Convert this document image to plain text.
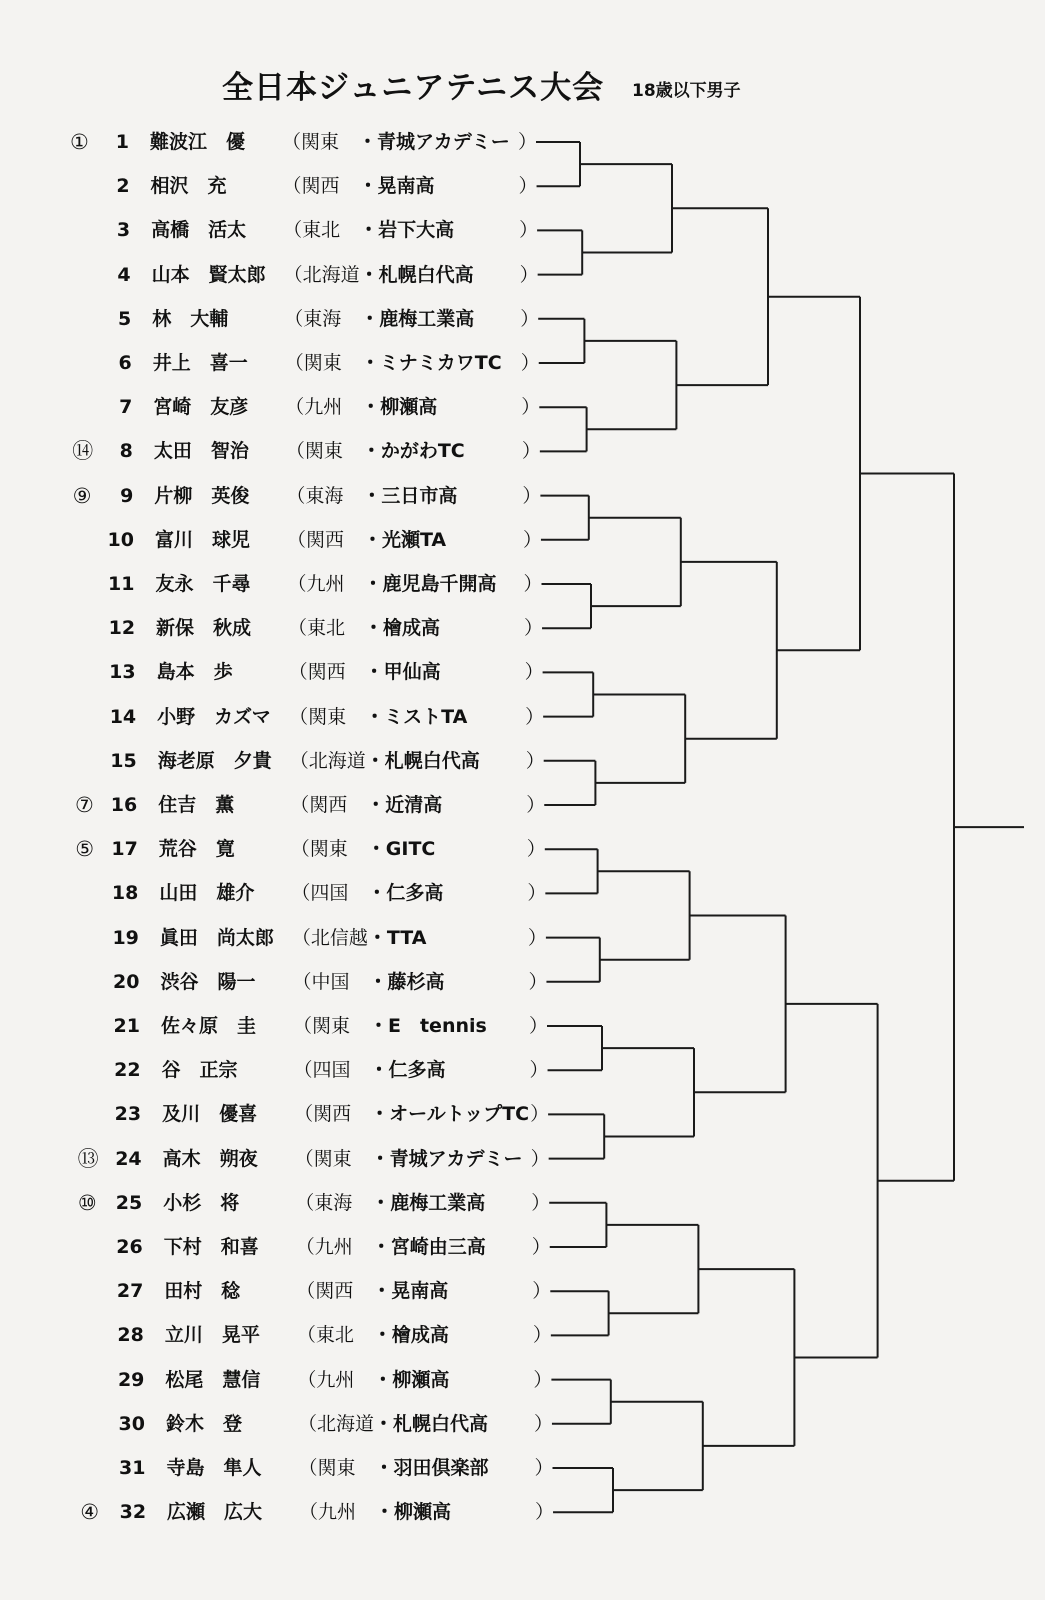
全日本ジュニアテニス大会 18歳以下男子
①	1 難波江　優 （関東 ・青城アカデミー ）
2 相沢　充	（関西 ・晃南高	）
3 高橋　活太 （東北 ・岩下大高	）
4 山本　賢太郎 （北海道 ・札幌白代高 ）
5 林　大輔	（東海 ・鹿梅工業高 ）
6 井上　喜一 （関東 ・ミナミカワTC ）
7 宮崎　友彦 （九州 ・柳瀬高	）
⑭	8 太田　智治 （関東 ・かがわTC	）
⑨	9 片柳　英俊 （東海 ・三日市高	）
10 富川　球児 （関西 ・光瀬TA	）
11 友永　千尋 （九州 ・鹿児島千開高 ）
12 新保　秋成 （東北 ・檜成高	）
13 島本　歩	（関西 ・甲仙高	）
14 小野　カズマ （関東 ・ミストTA	）
15 海老原　夕貴 （北海道 ・札幌白代高 ）
⑦ 16 住吉　薫	（関西 ・近清高	）
⑤ 17 荒谷　寛	（関東 ・GITC	）
18 山田　雄介 （四国 ・仁多高	）
19 眞田　尚太郎 （北信越 ・TTA	）
20 渋谷　陽一 （中国 ・藤杉高	）
21 佐々原　圭 （関東 ・E　tennis ）
22 谷　正宗	（四国 ・仁多高	）
23 及川　優喜 （関西 ・オールトップTC ）
⑬ 24 高木　朔夜 （関東 ・青城アカデミー ）
⑩	25 小杉　将	（東海 ・鹿梅工業高 ）
26 下村　和喜 （九州 ・宮崎由三高 ）
27 田村　稔	（関西 ・晃南高	）
28 立川　晃平 （東北 ・檜成高	）
29 松尾　慧信 （九州 ・柳瀬高	）
30 鈴木　登	（北海道 ・札幌白代高 ）
31 寺島　隼人 （関東 ・羽田倶楽部 ）
④	32 広瀬　広大 （九州 ・柳瀬高	）
